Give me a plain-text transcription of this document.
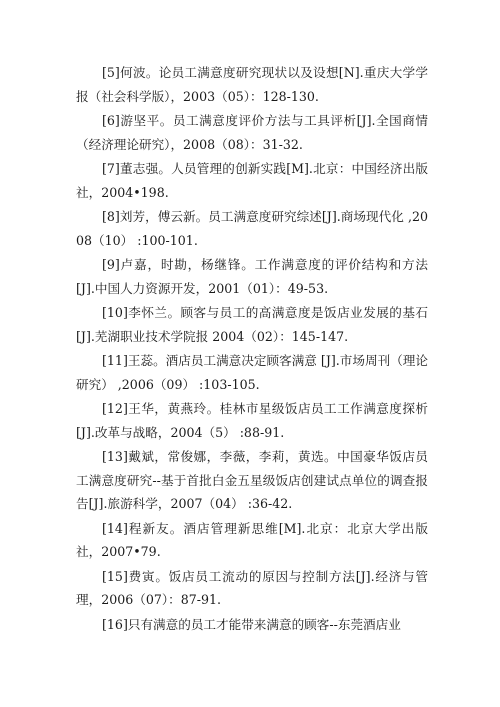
[5]何波。论员工满意度研究现状以及设想[N].重庆大学学报（社会科学版），2003（05）：128-130.
[6]游坚平。员工满意度评价方法与工具评析[J].全国商情（经济理论研究），2008（08）：31-32.
[7]董志强。人员管理的创新实践[M].北京：中国经济出版社，2004•198.
[8]刘芳，傅云新。员工满意度研究综述[J].商场现代化 ,2008（10） :100-101.
[9]卢嘉，时勘，杨继锋。工作满意度的评价结构和方法[J].中国人力资源开发，2001（01）：49-53.
[10]李怀兰。顾客与员工的高满意度是饭店业发展的基石[J].芜湖职业技术学院报 2004（02）：145-147.
[11]王蕊。酒店员工满意决定顾客满意 [J].市场周刊（理论研究） ,2006（09） :103-105.
[12]王华，黄燕玲。桂林市星级饭店员工工作满意度探析[J].改革与战略，2004（5） :88-91.
[13]戴斌，常俊娜，李薇，李莉，黄选。中国豪华饭店员工满意度研究--基于首批白金五星级饭店创建试点单位的调查报告[J].旅游科学，2007（04） :36-42.
[14]程新友。酒店管理新思维[M].北京：北京大学出版社，2007•79.
[15]费寅。饭店员工流动的原因与控制方法[J].经济与管理，2006（07）：87-91.
[16]只有满意的员工才能带来满意的顾客--东莞酒店业
